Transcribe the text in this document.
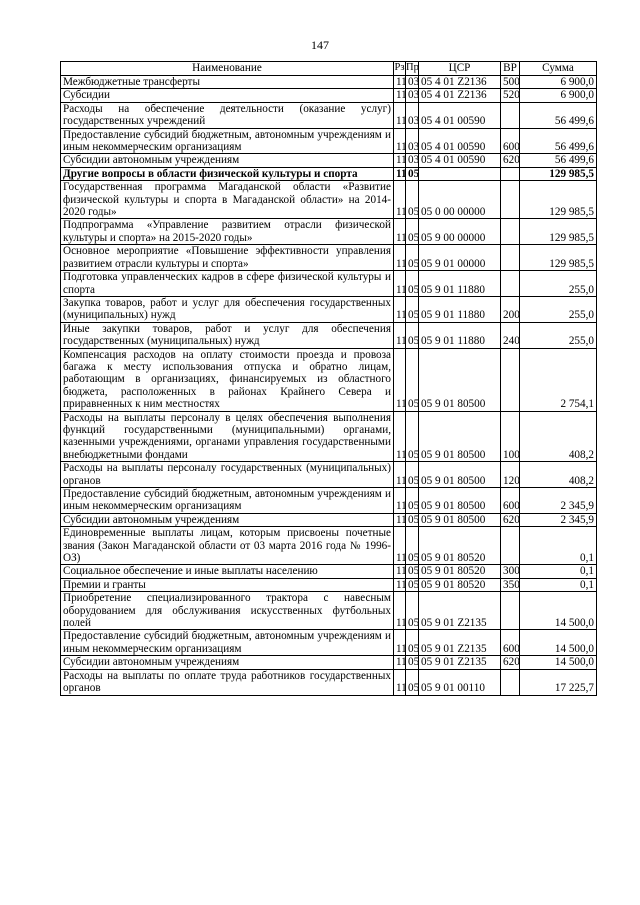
147
Наименование	Рз	Пр	ЦСР	ВР	Сумма
Межбюджетные трансферты	11	03	05 4 01 Z2136	500	6 900,0
Субсидии	11	03	05 4 01 Z2136	520	6 900,0
Расходы на обеспечение деятельности (оказание услуг) государственных учреждений	11	03	05 4 01 00590		56 499,6
Предоставление субсидий бюджетным, автономным учреждениям и иным некоммерческим организациям	11	03	05 4 01 00590	600	56 499,6
Субсидии автономным учреждениям	11	03	05 4 01 00590	620	56 499,6
Другие вопросы в области физической культуры и спорта	11	05			129 985,5
Государственная программа Магаданской области «Развитие физической культуры и спорта в Магаданской области» на 2014-2020 годы»	11	05	05 0 00 00000		129 985,5
Подпрограмма «Управление развитием отрасли физической культуры и спорта» на 2015-2020 годы»	11	05	05 9 00 00000		129 985,5
Основное мероприятие «Повышение эффективности управления развитием отрасли культуры и спорта»	11	05	05 9 01 00000		129 985,5
Подготовка управленческих кадров в сфере физической культуры и спорта	11	05	05 9 01 11880		255,0
Закупка товаров, работ и услуг для обеспечения государственных (муниципальных) нужд	11	05	05 9 01 11880	200	255,0
Иные закупки товаров, работ и услуг для обеспечения государственных (муниципальных) нужд	11	05	05 9 01 11880	240	255,0
Компенсация расходов на оплату стоимости проезда и провоза багажа к месту использования отпуска и обратно лицам, работающим в организациях, финансируемых из областного бюджета, расположенных в районах Крайнего Севера и приравненных к ним местностях	11	05	05 9 01 80500		2 754,1
Расходы на выплаты персоналу в целях обеспечения выполнения функций государственными (муниципальными) органами, казенными учреждениями, органами управления государственными внебюджетными фондами	11	05	05 9 01 80500	100	408,2
Расходы на выплаты персоналу государственных (муниципальных) органов	11	05	05 9 01 80500	120	408,2
Предоставление субсидий бюджетным, автономным учреждениям и иным некоммерческим организациям	11	05	05 9 01 80500	600	2 345,9
Субсидии автономным учреждениям	11	05	05 9 01 80500	620	2 345,9
Единовременные выплаты лицам, которым присвоены почетные звания (Закон Магаданской области от 03 марта 2016 года № 1996-ОЗ)	11	05	05 9 01 80520		0,1
Социальное обеспечение и иные выплаты населению	11	05	05 9 01 80520	300	0,1
Премии и гранты	11	05	05 9 01 80520	350	0,1
Приобретение специализированного трактора с навесным оборудованием для обслуживания искусственных футбольных полей	11	05	05 9 01 Z2135		14 500,0
Предоставление субсидий бюджетным, автономным учреждениям и иным некоммерческим организациям	11	05	05 9 01 Z2135	600	14 500,0
Субсидии автономным учреждениям	11	05	05 9 01 Z2135	620	14 500,0
Расходы на выплаты по оплате труда работников государственных органов	11	05	05 9 01 00110		17 225,7
